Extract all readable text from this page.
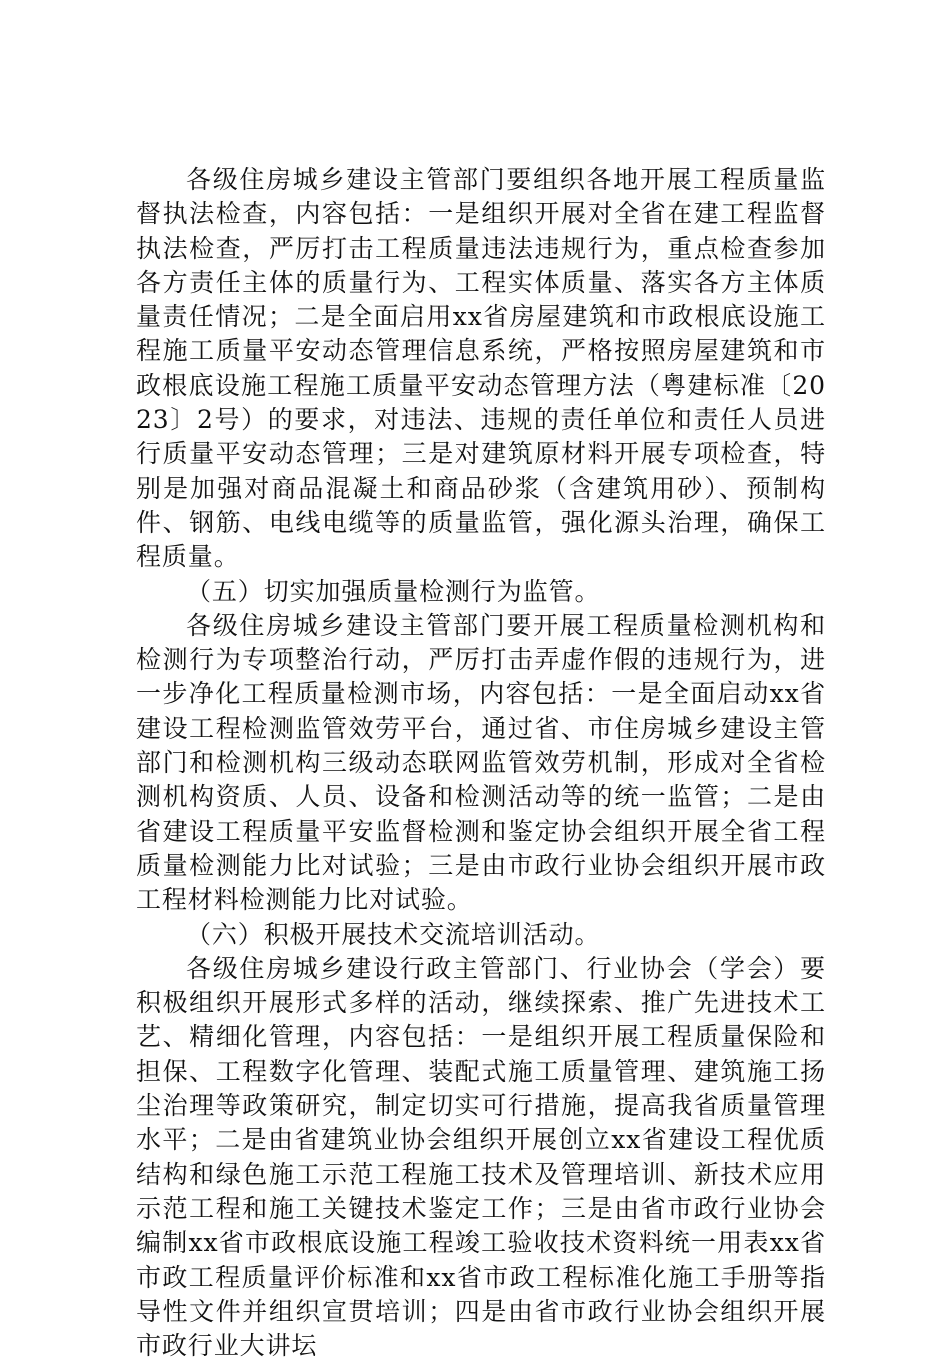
各级住房城乡建设主管部门要组织各地开展工程质量监督执法检查，内容包括：一是组织开展对全省在建工程监督执法检查，严厉打击工程质量违法违规行为，重点检查参加各方责任主体的质量行为、工程实体质量、落实各方主体质量责任情况；二是全面启用xx省房屋建筑和市政根底设施工程施工质量平安动态管理信息系统，严格按照房屋建筑和市政根底设施工程施工质量平安动态管理方法（粤建标准〔2023〕2号）的要求，对违法、违规的责任单位和责任人员进行质量平安动态管理；三是对建筑原材料开展专项检查，特别是加强对商品混凝土和商品砂浆（含建筑用砂）、预制构件、钢筋、电线电缆等的质量监管，强化源头治理，确保工程质量。

（五）切实加强质量检测行为监管。

各级住房城乡建设主管部门要开展工程质量检测机构和检测行为专项整治行动，严厉打击弄虚作假的违规行为，进一步净化工程质量检测市场，内容包括：一是全面启动xx省建设工程检测监管效劳平台，通过省、市住房城乡建设主管部门和检测机构三级动态联网监管效劳机制，形成对全省检测机构资质、人员、设备和检测活动等的统一监管；二是由省建设工程质量平安监督检测和鉴定协会组织开展全省工程质量检测能力比对试验；三是由市政行业协会组织开展市政工程材料检测能力比对试验。

（六）积极开展技术交流培训活动。

各级住房城乡建设行政主管部门、行业协会（学会）要积极组织开展形式多样的活动，继续探索、推广先进技术工艺、精细化管理，内容包括：一是组织开展工程质量保险和担保、工程数字化管理、装配式施工质量管理、建筑施工扬尘治理等政策研究，制定切实可行措施，提高我省质量管理水平；二是由省建筑业协会组织开展创立xx省建设工程优质结构和绿色施工示范工程施工技术及管理培训、新技术应用示范工程和施工关键技术鉴定工作；三是由省市政行业协会编制xx省市政根底设施工程竣工验收技术资料统一用表xx省市政工程质量评价标准和xx省市政工程标准化施工手册等指导性文件并组织宣贯培训；四是由省市政行业协会组织开展市政行业大讲坛
